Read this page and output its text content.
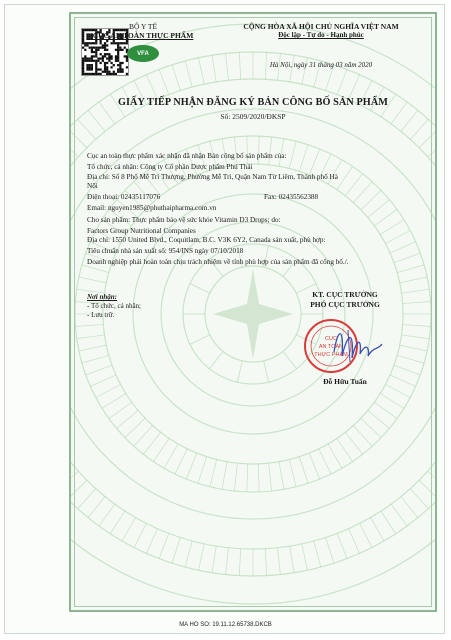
BỘ Y TẾ
CỤC AN TOÀN THỰC PHẨM
VFA
CỘNG HÒA XÃ HỘI CHỦ NGHĨA VIỆT NAM
Độc lập - Tự do - Hạnh phúc
Hà Nội, ngày 31 tháng 03 năm 2020
GIẤY TIẾP NHẬN ĐĂNG KÝ BẢN CÔNG BỐ SẢN PHẨM
Số: 2509/2020/ĐKSP
Cục an toàn thực phẩm xác nhận đã nhận Bản công bố sản phẩm của:
Tổ chức, cá nhân: Công ty Cổ phần Dược phẩm Phú Thái
Địa chỉ: Số 8 Phố Mễ Trì Thượng, Phường Mễ Trì, Quận Nam Từ Liêm, Thành phố Hà
Nội
Điện thoại: 02435117076	Fax: 02435562388
Email: nguyen1985@phuthaipharma.com.vn
Cho sản phẩm: Thực phẩm bảo vệ sức khỏe Vitamin D3 Drops; do:
Factors Group Nutritional Companies
Địa chỉ: 1550 United Blvd., Coquitlam, B.C. V3K 6Y2, Canada sản xuất, phù hợp:
Tiêu chuẩn nhà sản xuất số: 954/INS ngày 07/10/2018
Doanh nghiệp phải hoàn toàn chịu trách nhiệm về tính phù hợp của sản phẩm đã công bố./.
Nơi nhận:
- Tổ chức, cá nhân;
- Lưu trữ.
KT. CỤC TRƯỞNG
PHÓ CỤC TRƯỞNG
CỤC
AN TOÀN
THỰC PHẨM
Đỗ Hữu Tuấn
MA HO SO: 19.11.12.65738.DKCB
